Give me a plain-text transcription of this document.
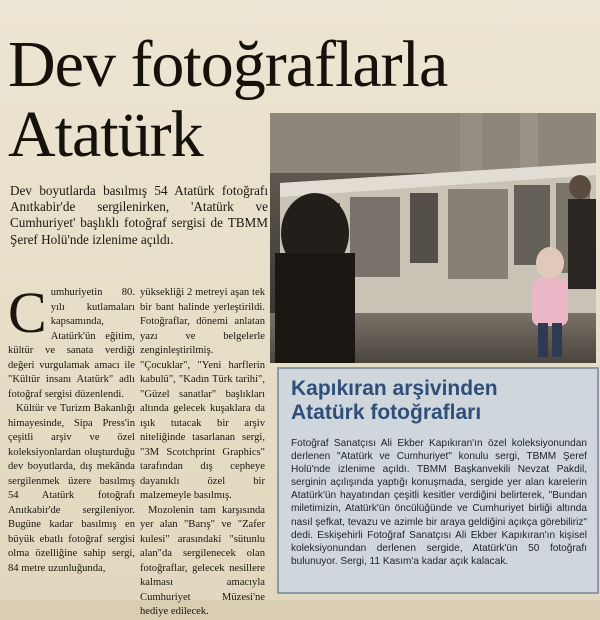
Dev fotoğraflarla
Atatürk

Dev boyutlarda basılmış 54 Atatürk fotoğrafı Anıtkabir'de sergilenirken, 'Atatürk ve Cumhuriyet' başlıklı fotoğraf sergisi de TBMM Şeref Holü'nde izlenime açıldı.

C umhuriyetin 80. yılı kutlamaları kapsamında, Atatürk'ün eğitim, kültür ve sanata verdiği değeri vurgulamak amacı ile "Kültür insanı Atatürk" adlı fotoğraf sergisi düzenlendi.

Kültür ve Turizm Bakanlığı himayesinde, Sipa Press'in çeşitli arşiv ve özel koleksiyonlardan oluşturduğu dev boyutlarda, dış mekânda sergilenmek üzere basılmış 54 Atatürk fotoğrafı Anıtkabir'de sergileniyor. Bugüne kadar basılmış en büyük ebatlı fotoğraf sergisi olma özelliğine sahip sergi, 84 metre uzunluğunda,

yüksekliği 2 metreyi aşan tek bir bant halinde yerleştirildi. Fotoğraflar, dönemi anlatan yazı ve belgelerle zenginleştirilmiş. "Çocuklar", "Yeni harflerin kabulü", "Kadın Türk tarihi", "Güzel sanatlar" başlıkları altında gelecek kuşaklara da ışık tutacak bir arşiv niteliğinde tasarlanan sergi, "3M Scotchprint Graphics" tarafından dış cepheye dayanıklı özel bir malzemeyle basılmış.

Mozolenin tam karşısında yer alan "Barış" ve "Zafer kulesi" arasındaki "sütunlu alan"da sergilenecek olan fotoğraflar, gelecek nesillere kalması amacıyla Cumhuriyet Müzesi'ne hediye edilecek.

Kapıkıran arşivinden
Atatürk fotoğrafları

Fotoğraf Sanatçısı Ali Ekber Kapıkıran'ın özel koleksiyonundan derlenen "Atatürk ve Cumhuriyet" konulu sergi, TBMM Şeref Holü'nde izlenime açıldı. TBMM Başkanvekili Nevzat Pakdil, serginin açılışında yaptığı konuşmada, sergide yer alan karelerin Atatürk'ün hayatından çeşitli kesitler verdiğini belirterek, "Bundan miletimizin, Atatürk'ün öncülüğünde ve Cumhuriyet birliği altında nasıl şefkat, tevazu ve azimle bir araya geldiğini açıkça görebiliriz" dedi. Eskişehirli Fotoğraf Sanatçısı Ali Ekber Kapıkıran'ın kişisel koleksiyonundan derlenen sergide, Atatürk'ün 50 fotoğrafı bulunuyor. Sergi, 11 Kasım'a kadar açık kalacak.
